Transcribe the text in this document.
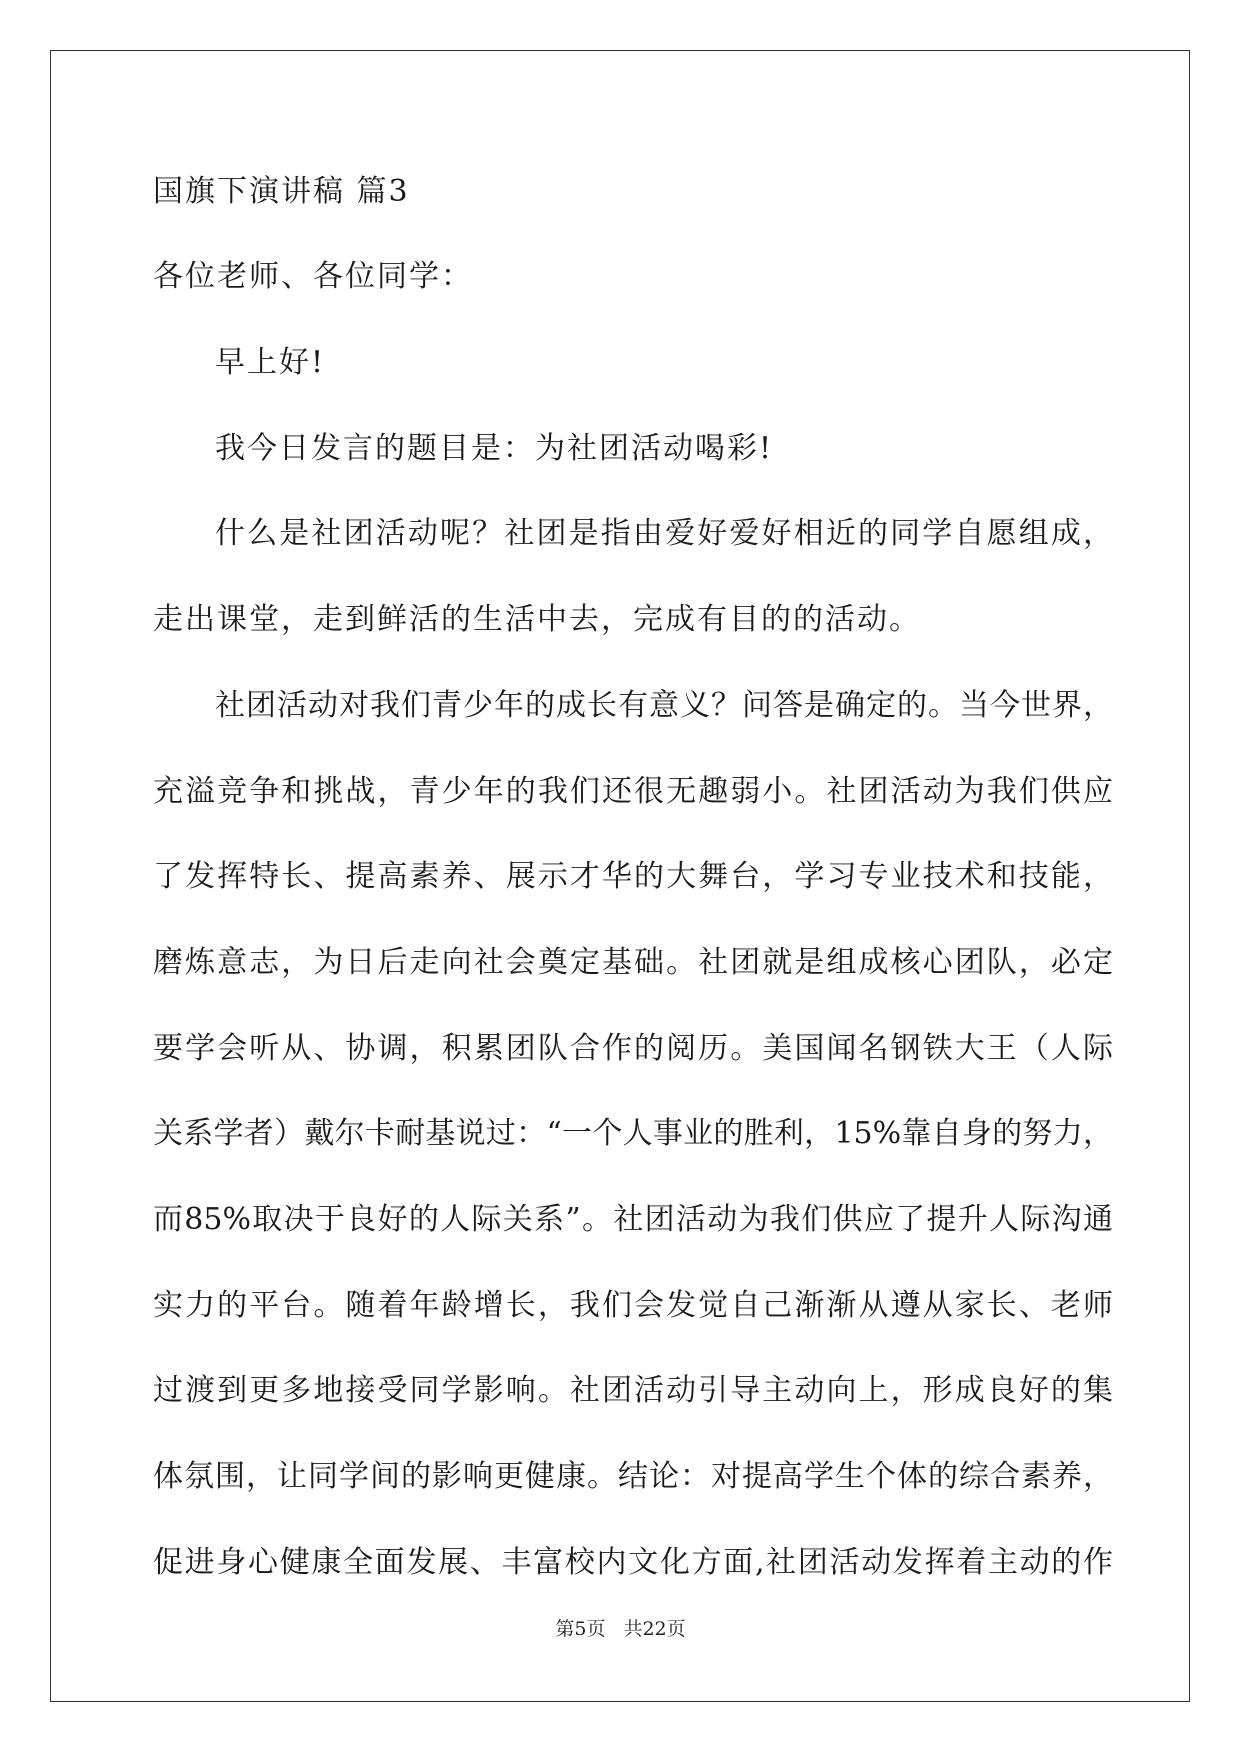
国旗下演讲稿 篇3
各位老师、各位同学：
早上好!
我今日发言的题目是：为社团活动喝彩!
什么是社团活动呢？社团是指由爱好爱好相近的同学自愿组成，
走出课堂，走到鲜活的生活中去，完成有目的的活动。
社团活动对我们青少年的成长有意义？问答是确定的。当今世界，
充溢竞争和挑战，青少年的我们还很无趣弱小。社团活动为我们供应
了发挥特长、提高素养、展示才华的大舞台，学习专业技术和技能，
磨炼意志，为日后走向社会奠定基础。社团就是组成核心团队，必定
要学会听从、协调，积累团队合作的阅历。美国闻名钢铁大王（人际
关系学者）戴尔卡耐基说过：“一个人事业的胜利，15%靠自身的努力，
而85%取决于良好的人际关系”。社团活动为我们供应了提升人际沟通
实力的平台。随着年龄增长，我们会发觉自己渐渐从遵从家长、老师
过渡到更多地接受同学影响。社团活动引导主动向上，形成良好的集
体氛围，让同学间的影响更健康。结论：对提高学生个体的综合素养，
促进身心健康全面发展、丰富校内文化方面,社团活动发挥着主动的作
第5页 共22页
